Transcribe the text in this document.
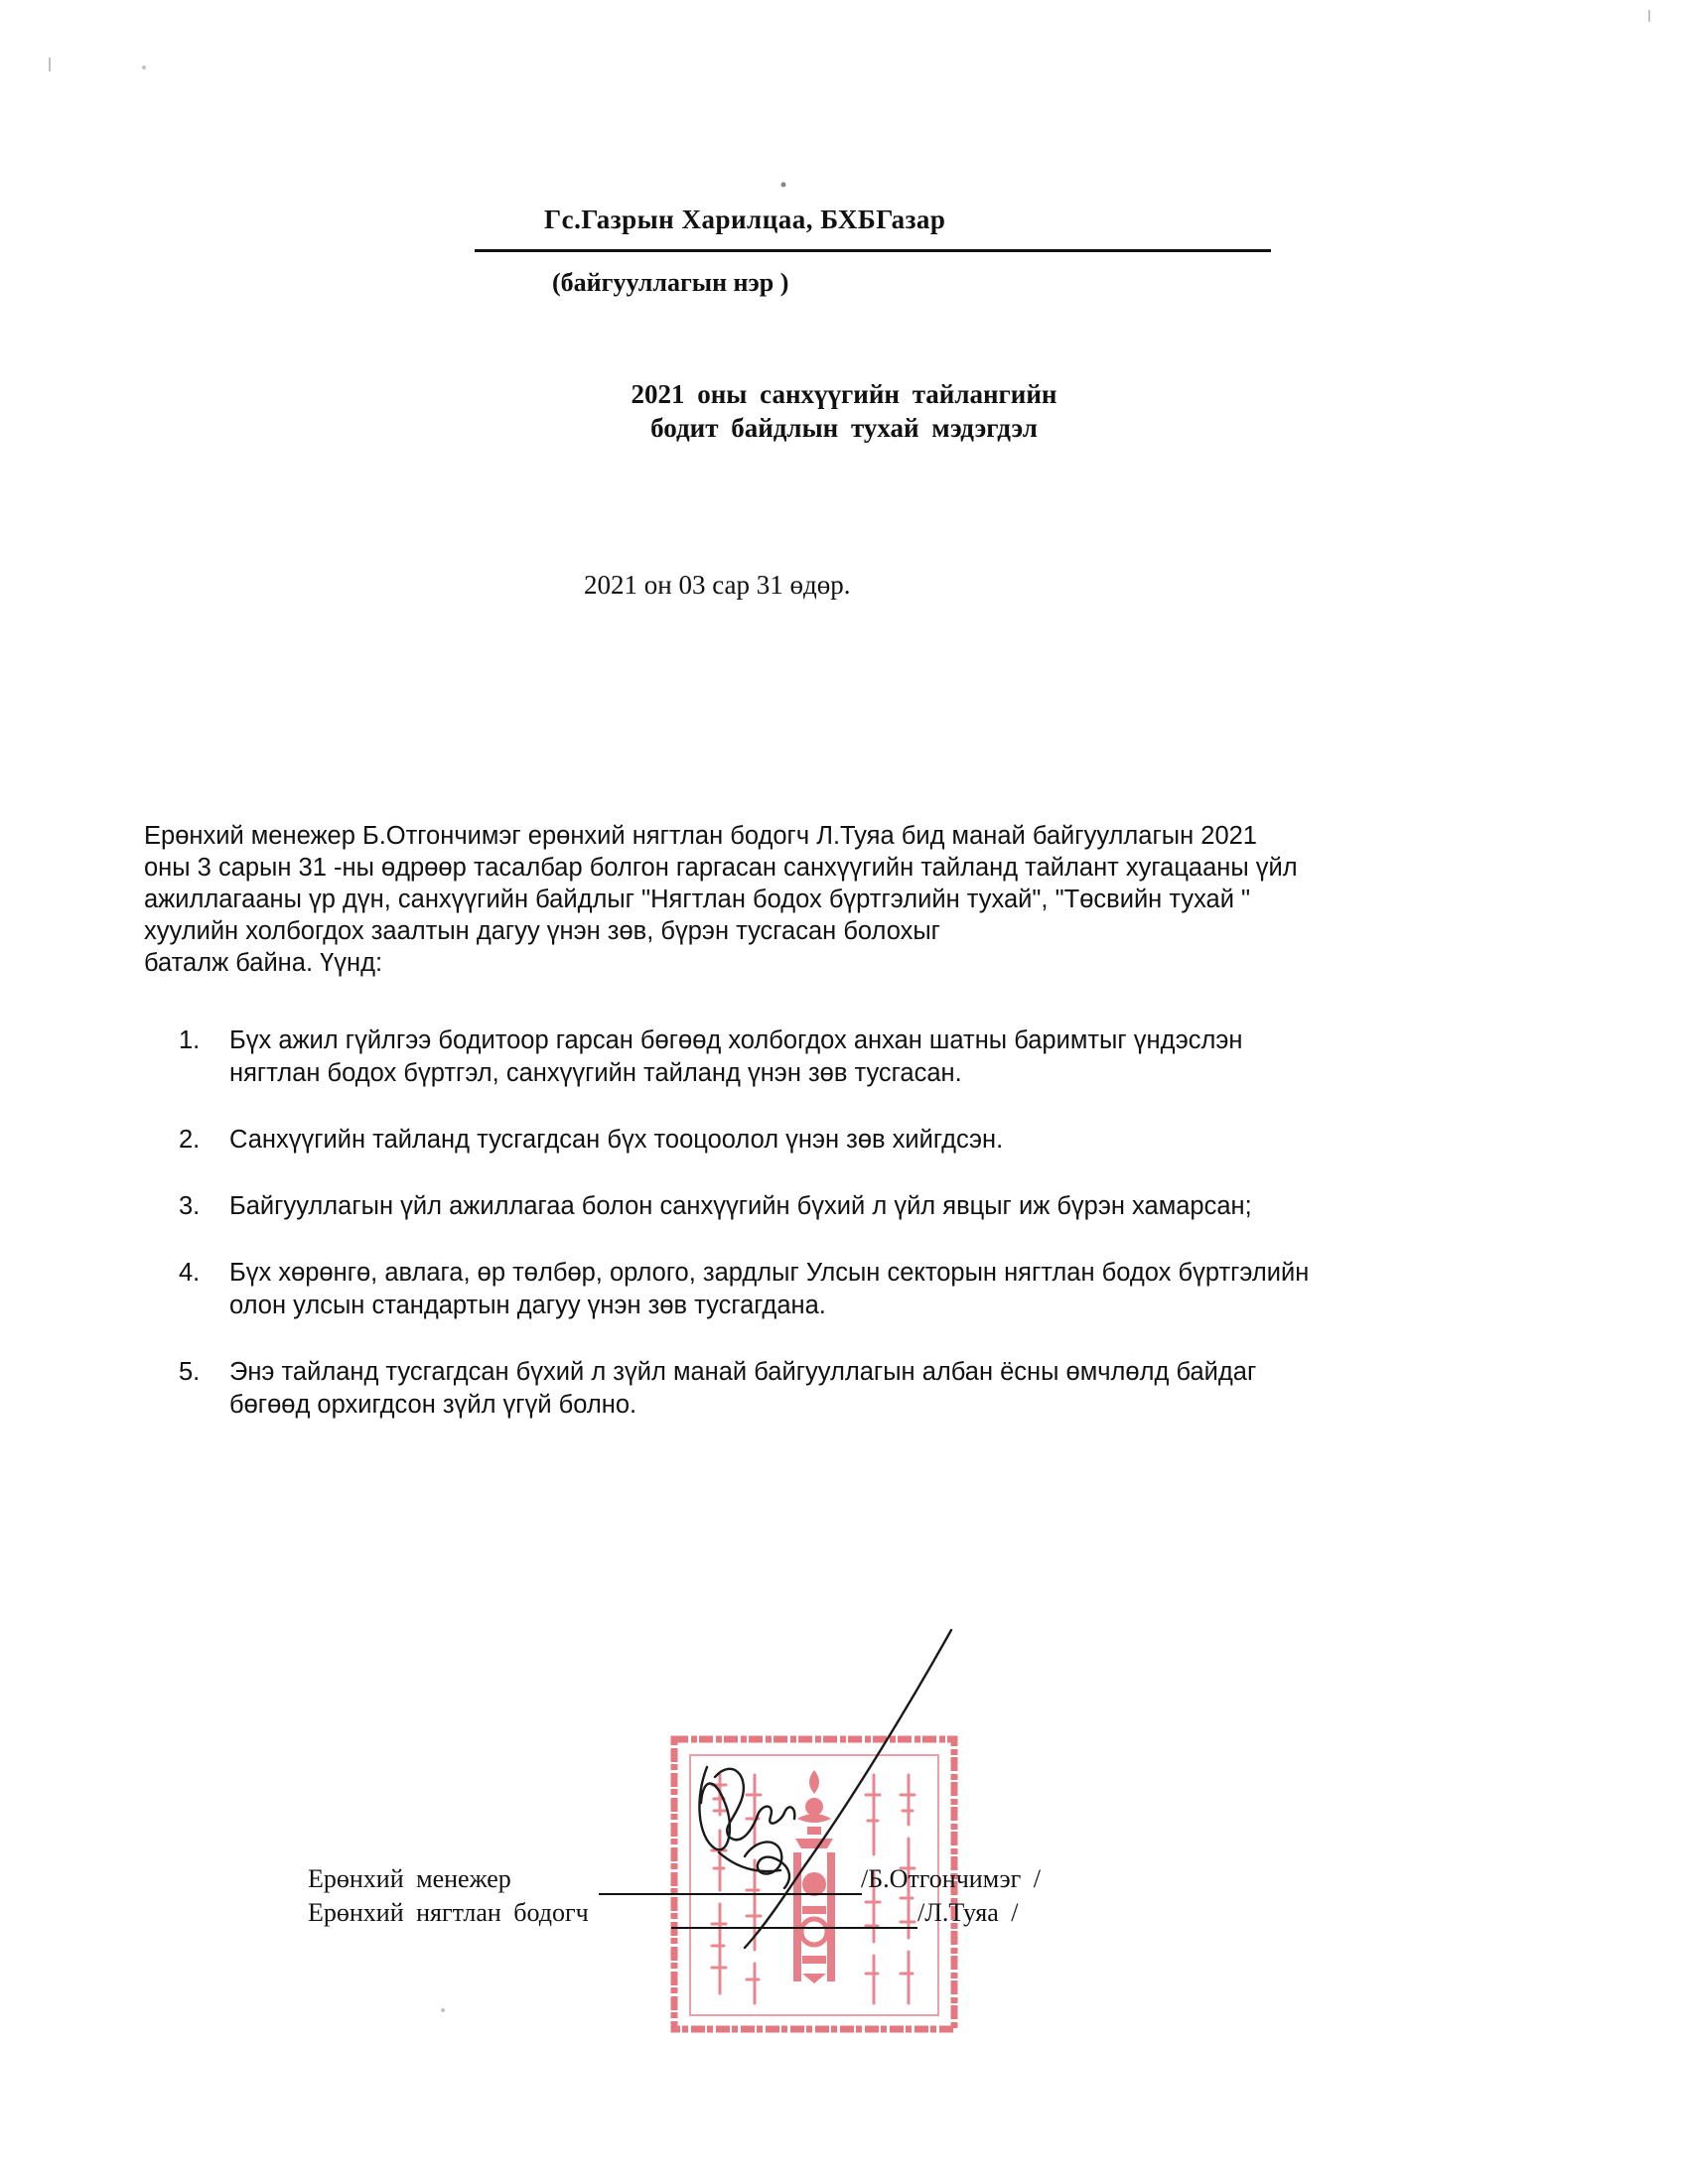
Гс.Газрын Харилцаа, БХБГазар
(байгууллагын нэр )
2021 оны санхүүгийн тайлангийн
бодит байдлын тухай мэдэгдэл
2021 он 03 сар 31 өдөр.
Ерөнхий менежер Б.Отгончимэг ерөнхий нягтлан бодогч Л.Туяа бид манай байгууллагын 2021
оны 3 сарын 31 -ны өдрөөр тасалбар болгон гаргасан санхүүгийн тайланд тайлант хугацааны үйл
ажиллагааны үр дүн, санхүүгийн байдлыг "Нягтлан бодох бүртгэлийн тухай", "Төсвийн тухай "
хуулийн холбогдох заалтын дагуу үнэн зөв, бүрэн тусгасан болохыг
баталж байна. Үүнд:
1. Бүх ажил гүйлгээ бодитоор гарсан бөгөөд холбогдох анхан шатны баримтыг үндэслэн
нягтлан бодох бүртгэл, санхүүгийн тайланд үнэн зөв тусгасан.
2. Санхүүгийн тайланд тусгагдсан бүх тооцоолол үнэн зөв хийгдсэн.
3. Байгууллагын үйл ажиллагаа болон санхүүгийн бүхий л үйл явцыг иж бүрэн хамарсан;
4. Бүх хөрөнгө, авлага, өр төлбөр, орлого, зардлыг Улсын секторын нягтлан бодох бүртгэлийн
олон улсын стандартын дагуу үнэн зөв тусгагдана.
5. Энэ тайланд тусгагдсан бүхий л зүйл манай байгууллагын албан ёсны өмчлөлд байдаг
бөгөөд орхигдсон зүйл үгүй болно.
Ерөнхий менежер	/Б.Отгончимэг /
Ерөнхий нягтлан бодогч	/Л.Туяа /
